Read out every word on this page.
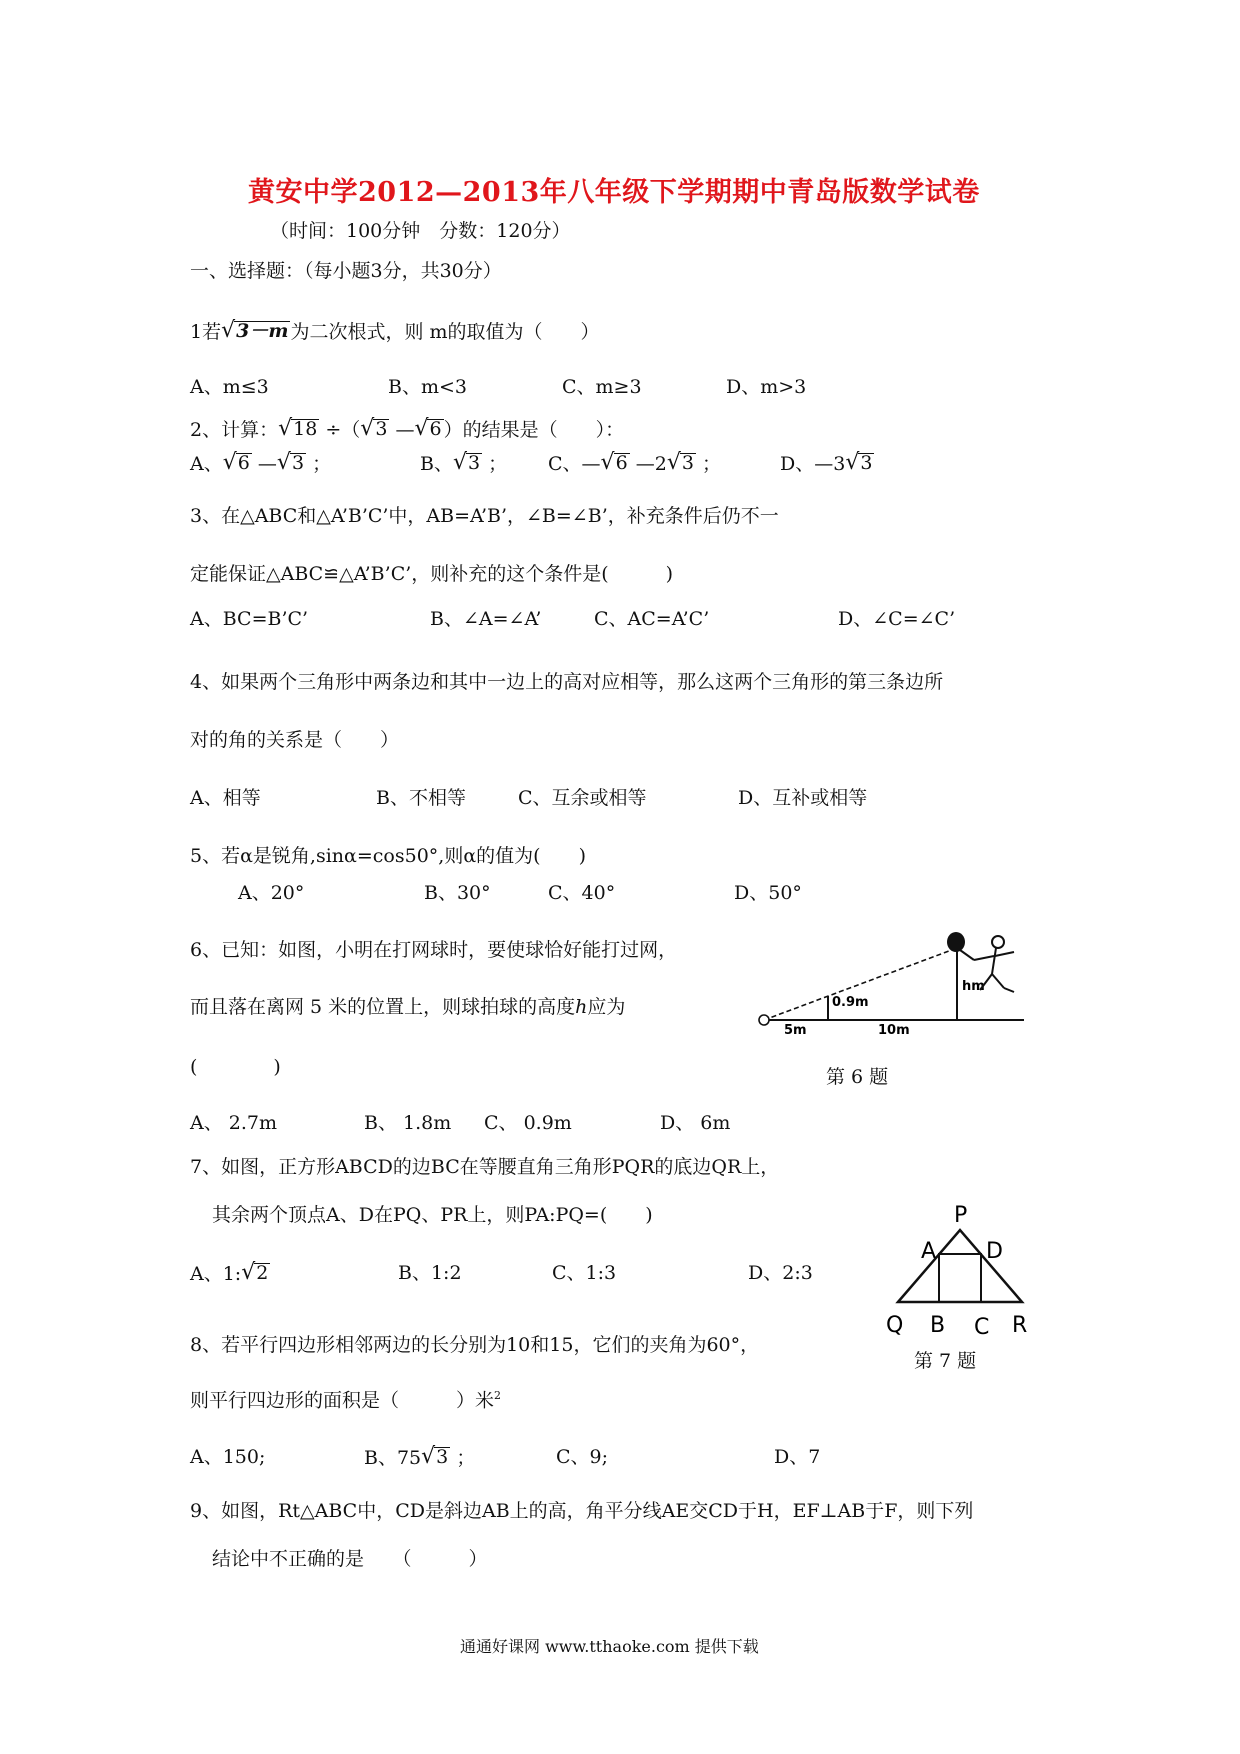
黄安中学2012—2013年八年级下学期期中青岛版数学试卷
（时间：100分钟　分数：120分）
一、选择题：（每小题3分，共30分）
1若 √ 3－m 为二次根式，则 m的取值为（　　）
A、m≤3	B、m<3	C、m≥3	D、m>3
2、计算： √ 18 ÷（ √ 3 — √ 6 ）的结果是（　　）：
A、 √ 6 — √ 3 ；	B、 √ 3 ； C、— √ 6 —2 √ 3 ；	D、—3 √ 3
3、在△ABC和△A’B’C’中，AB=A’B’，∠B=∠B’，补充条件后仍不一
定能保证△ABC≌△A’B’C’，则补充的这个条件是(　　　)
A、BC=B’C’	B、∠A=∠A’	C、AC=A’C’	D、∠C=∠C’
4、如果两个三角形中两条边和其中一边上的高对应相等，那么这两个三角形的第三条边所
对的角的关系是（　　）
A、相等	B、不相等	C、互余或相等	D、互补或相等
5、若α是锐角,sinα=cos50°,则α的值为(　　)
A、20°	B、30°	C、40°	D、50°
6、已知：如图，小明在打网球时，要使球恰好能打过网，
而且落在离网 5 米的位置上，则球拍球的高度h应为
(　　　　)
0.9m
hm
5m	10m
第 6 题
A、 2.7m	B、 1.8m C、 0.9m	D、 6m
7、如图，正方形ABCD的边BC在等腰直角三角形PQR的底边QR上，
其余两个顶点A、D在PQ、PR上，则PA:PQ=(　　)
A、1: √ 2	B、1:2	C、1:3	D、2:3
P
A D
Q B C R
第 7 题
8、若平行四边形相邻两边的长分别为10和15，它们的夹角为60°，
则平行四边形的面积是（　　　）米$^2$
A、150;	B、75 √ 3 ；	C、9;	D、7
9、如图，Rt△ABC中，CD是斜边AB上的高，角平分线AE交CD于H，EF⊥AB于F，则下列
结论中不正确的是　　（　　　）
通通好课网 www.tthaoke.com 提供下载
